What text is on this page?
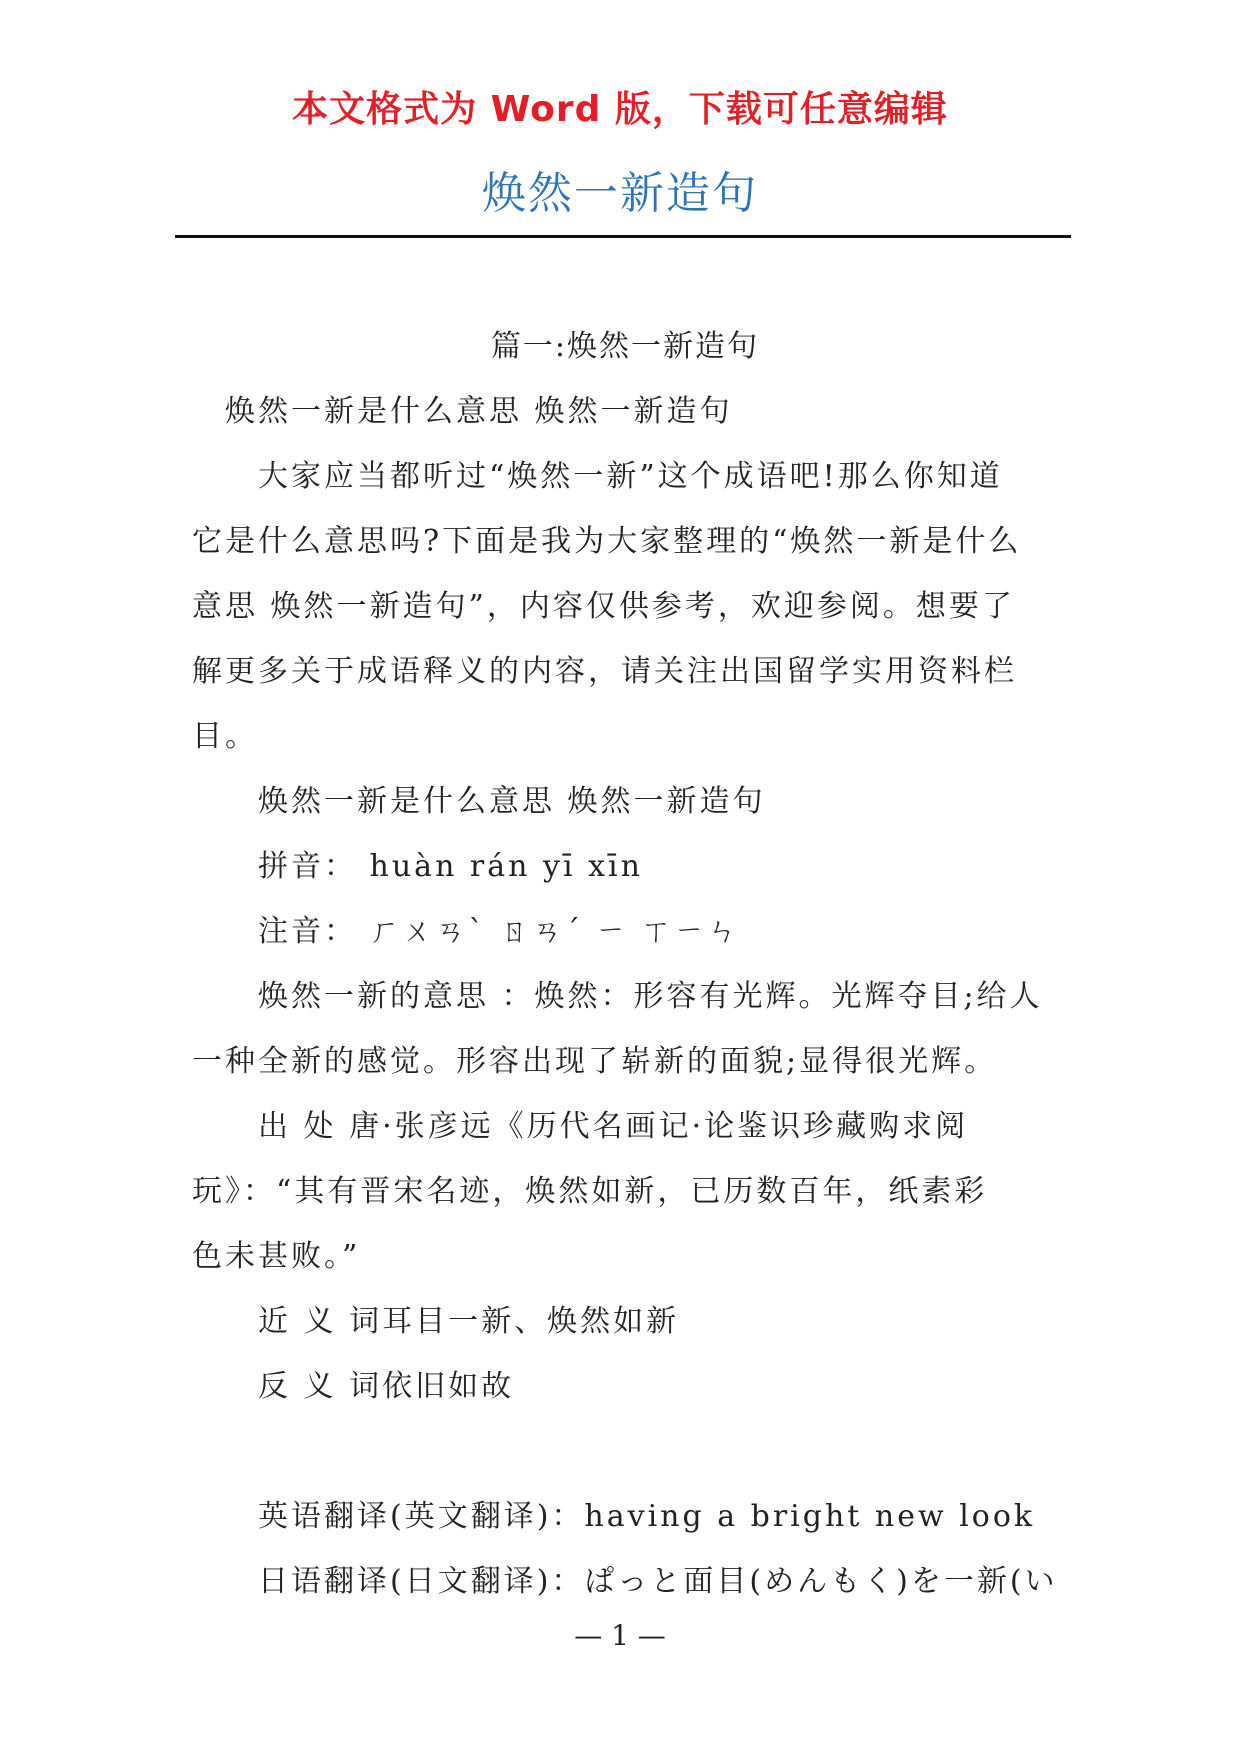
本文格式为 Word 版，下载可任意编辑
焕然一新造句

篇一:焕然一新造句

焕然一新是什么意思 焕然一新造句

大家应当都听过“焕然一新”这个成语吧!那么你知道

它是什么意思吗?下面是我为大家整理的“焕然一新是什么

意思 焕然一新造句”，内容仅供参考，欢迎参阅。想要了

解更多关于成语释义的内容，请关注出国留学实用资料栏

目。

焕然一新是什么意思 焕然一新造句

拼音： huàn rán yī xīn

注音： ㄏㄨㄢˋ ㄖㄢˊ ㄧ ㄒㄧㄣ

焕然一新的意思 ：焕然：形容有光辉。光辉夺目;给人

一种全新的感觉。形容出现了崭新的面貌;显得很光辉。

出 处 唐·张彦远《历代名画记·论鉴识珍藏购求阅

玩》：“其有晋宋名迹，焕然如新，已历数百年，纸素彩

色未甚败。”

近 义 词耳目一新、焕然如新

反 义 词依旧如故

英语翻译(英文翻译)：having a bright new look

日语翻译(日文翻译)：ぱっと面目(めんもく)を一新(い

— 1 —
